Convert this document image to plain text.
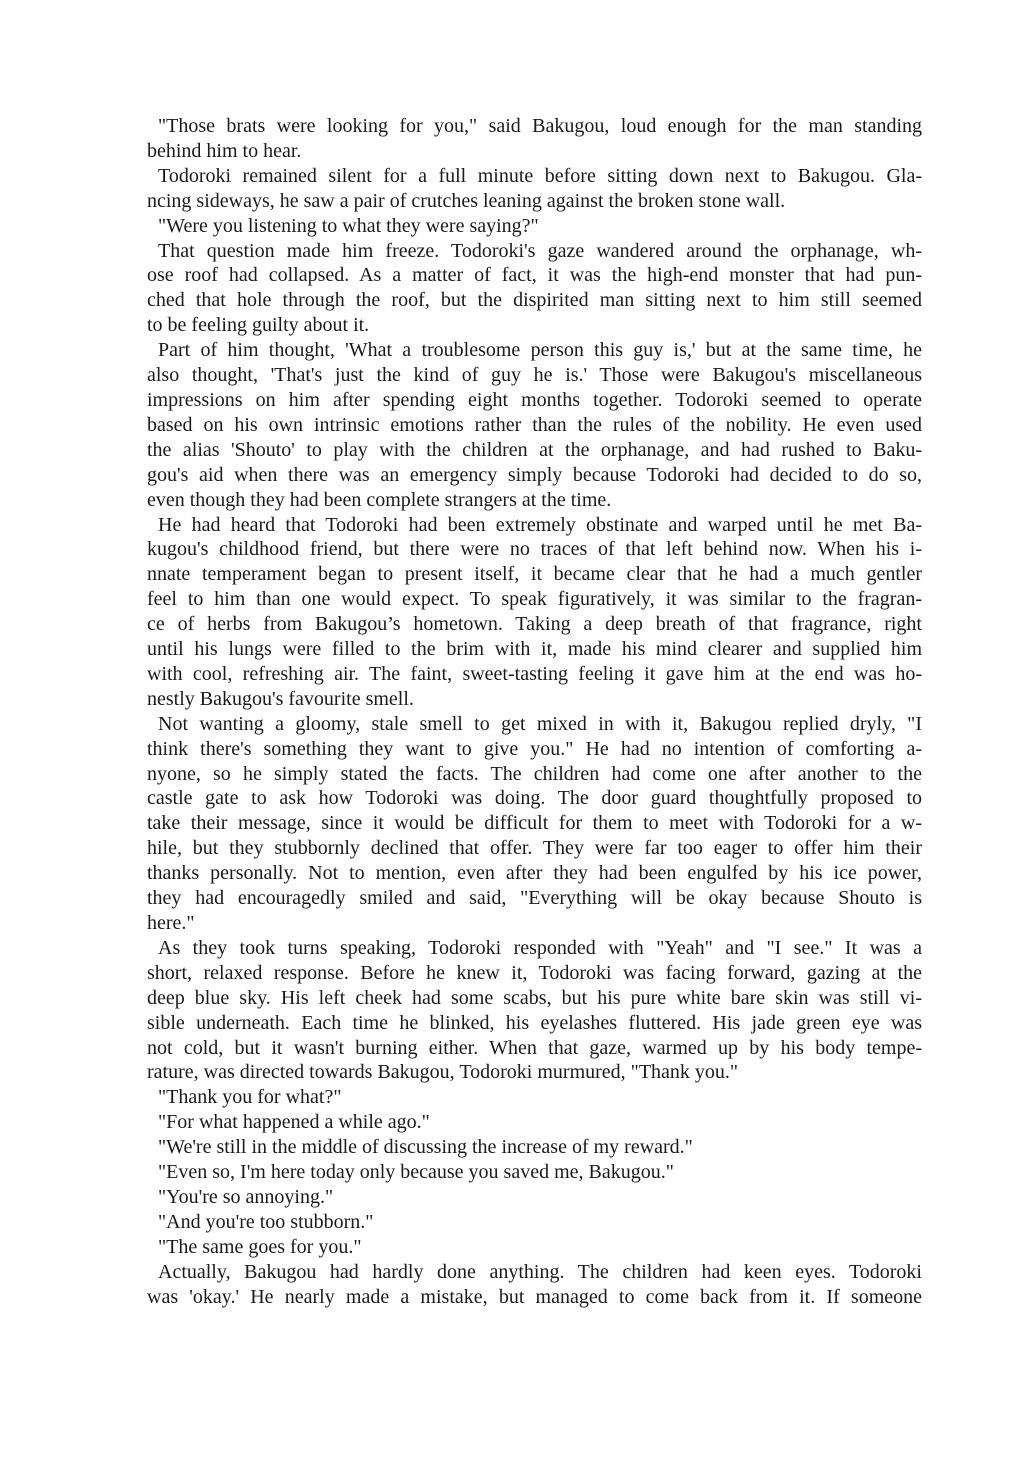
"Those brats were looking for you," said Bakugou, loud enough for the man standing
behind him to hear.
Todoroki remained silent for a full minute before sitting down next to Bakugou. Gla-
ncing sideways, he saw a pair of crutches leaning against the broken stone wall.
"Were you listening to what they were saying?"
That question made him freeze. Todoroki's gaze wandered around the orphanage, wh-
ose roof had collapsed. As a matter of fact, it was the high-end monster that had pun-
ched that hole through the roof, but the dispirited man sitting next to him still seemed
to be feeling guilty about it.
Part of him thought, 'What a troublesome person this guy is,' but at the same time, he
also thought, 'That's just the kind of guy he is.' Those were Bakugou's miscellaneous
impressions on him after spending eight months together. Todoroki seemed to operate
based on his own intrinsic emotions rather than the rules of the nobility. He even used
the alias 'Shouto' to play with the children at the orphanage, and had rushed to Baku-
gou's aid when there was an emergency simply because Todoroki had decided to do so,
even though they had been complete strangers at the time.
He had heard that Todoroki had been extremely obstinate and warped until he met Ba-
kugou's childhood friend, but there were no traces of that left behind now. When his i-
nnate temperament began to present itself, it became clear that he had a much gentler
feel to him than one would expect. To speak figuratively, it was similar to the fragran-
ce of herbs from Bakugou’s hometown. Taking a deep breath of that fragrance, right
until his lungs were filled to the brim with it, made his mind clearer and supplied him
with cool, refreshing air. The faint, sweet-tasting feeling it gave him at the end was ho-
nestly Bakugou's favourite smell.
Not wanting a gloomy, stale smell to get mixed in with it, Bakugou replied dryly, "I
think there's something they want to give you." He had no intention of comforting a-
nyone, so he simply stated the facts. The children had come one after another to the
castle gate to ask how Todoroki was doing. The door guard thoughtfully proposed to
take their message, since it would be difficult for them to meet with Todoroki for a w-
hile, but they stubbornly declined that offer. They were far too eager to offer him their
thanks personally. Not to mention, even after they had been engulfed by his ice power,
they had encouragedly smiled and said, "Everything will be okay because Shouto is
here."
As they took turns speaking, Todoroki responded with "Yeah" and "I see." It was a
short, relaxed response. Before he knew it, Todoroki was facing forward, gazing at the
deep blue sky. His left cheek had some scabs, but his pure white bare skin was still vi-
sible underneath. Each time he blinked, his eyelashes fluttered. His jade green eye was
not cold, but it wasn't burning either. When that gaze, warmed up by his body tempe-
rature, was directed towards Bakugou, Todoroki murmured, "Thank you."
"Thank you for what?"
"For what happened a while ago."
"We're still in the middle of discussing the increase of my reward."
"Even so, I'm here today only because you saved me, Bakugou."
"You're so annoying."
"And you're too stubborn."
"The same goes for you."
Actually, Bakugou had hardly done anything. The children had keen eyes. Todoroki
was 'okay.' He nearly made a mistake, but managed to come back from it. If someone
